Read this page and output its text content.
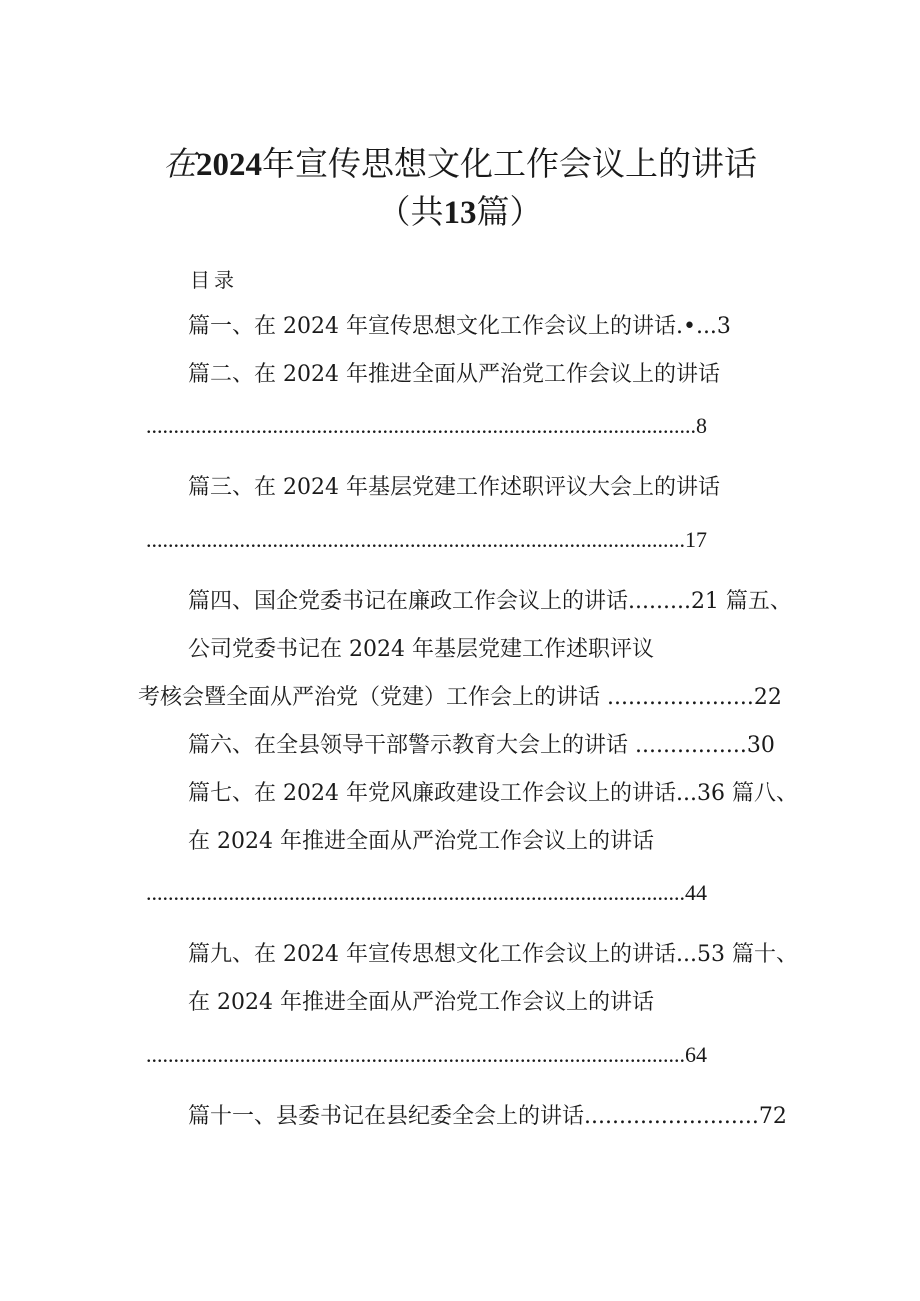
在2024年宣传思想文化工作会议上的讲话
（共13篇）
目录
篇一、在 2024 年宣传思想文化工作会议上的讲话.•...3
篇二、在 2024 年推进全面从严治党工作会议上的讲话
....................................................................................................8
篇三、在 2024 年基层党建工作述职评议大会上的讲话
..................................................................................................17
篇四、国企党委书记在廉政工作会议上的讲话.........21 篇五、
公司党委书记在 2024 年基层党建工作述职评议
考核会暨全面从严治党（党建）工作会上的讲话 .....................22
篇六、在全县领导干部警示教育大会上的讲话 ................30
篇七、在 2024 年党风廉政建设工作会议上的讲话...36 篇八、
在 2024 年推进全面从严治党工作会议上的讲话
..................................................................................................44
篇九、在 2024 年宣传思想文化工作会议上的讲话...53 篇十、
在 2024 年推进全面从严治党工作会议上的讲话
..................................................................................................64
篇十一、县委书记在县纪委全会上的讲话.........................72
